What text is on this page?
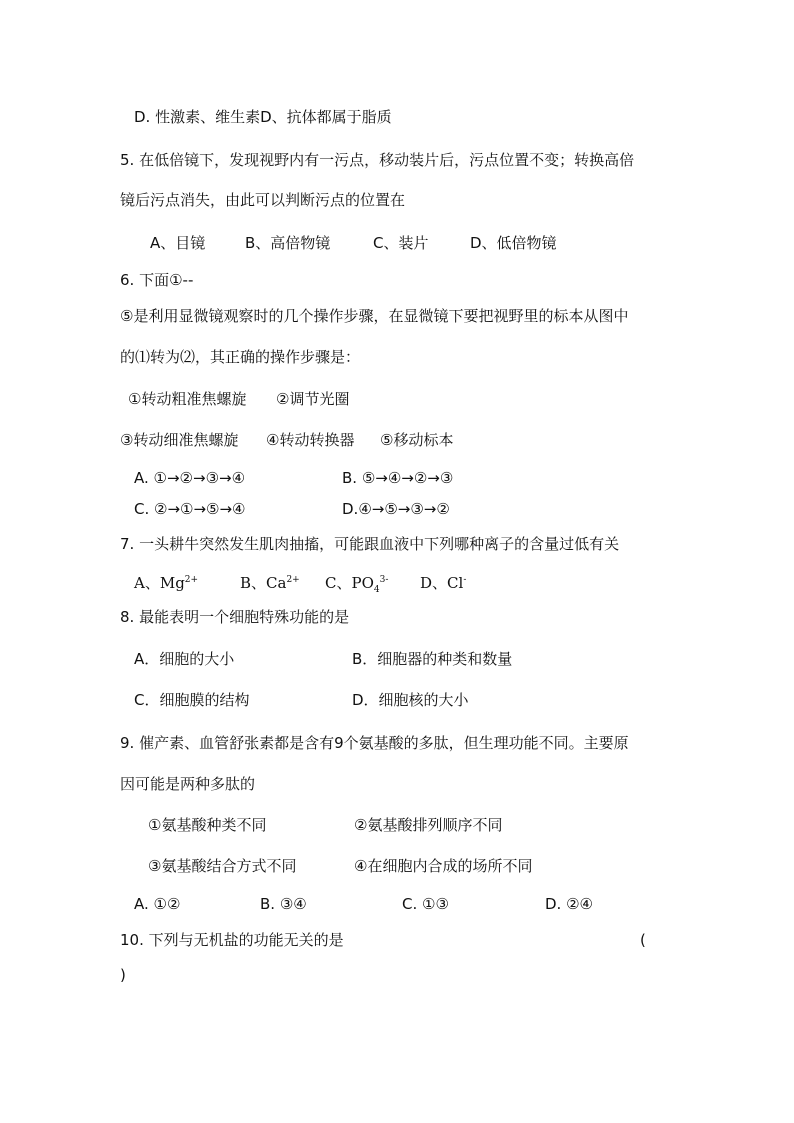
D. 性激素、维生素D、抗体都属于脂质
5. 在低倍镜下，发现视野内有一污点，移动装片后，污点位置不变；转换高倍
镜后污点消失，由此可以判断污点的位置在
A、目镜	B、高倍物镜	C、装片	D、低倍物镜
6. 下面①--
⑤是利用显微镜观察时的几个操作步骤，在显微镜下要把视野里的标本从图中
的⑴转为⑵，其正确的操作步骤是：
①转动粗准焦螺旋 ②调节光圈
③转动细准焦螺旋 ④转动转换器 ⑤移动标本
A. ①→②→③→④	B. ⑤→④→②→③
C. ②→①→⑤→④	D.④→⑤→③→②
7. 一头耕牛突然发生肌肉抽搐，可能跟血液中下列哪种离子的含量过低有关
A、$Mg^{2+}$	B、$Ca^{2+}$ C、$PO_4^{3-}$ D、Cl-
8. 最能表明一个细胞特殊功能的是
A．细胞的大小	B．细胞器的种类和数量
C．细胞膜的结构	D．细胞核的大小
9. 催产素、血管舒张素都是含有9个氨基酸的多肽，但生理功能不同。主要原
因可能是两种多肽的
①氨基酸种类不同	②氨基酸排列顺序不同
③氨基酸结合方式不同	④在细胞内合成的场所不同
A. ①②	B. ③④	C. ①③	D. ②④
10. 下列与无机盐的功能无关的是	(
)
